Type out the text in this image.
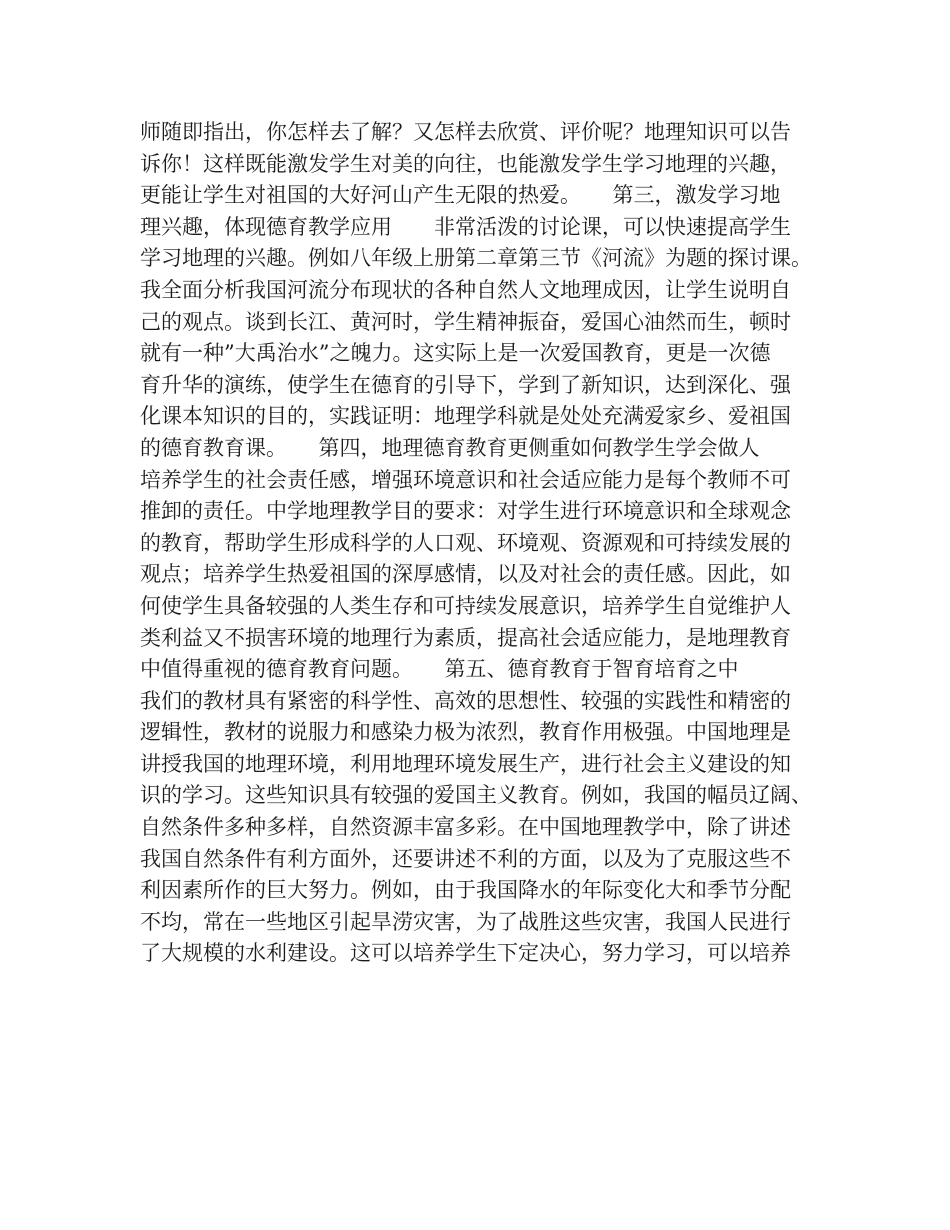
师随即指出，你怎样去了解？又怎样去欣赏、评价呢？地理知识可以告
诉你！这样既能激发学生对美的向往，也能激发学生学习地理的兴趣，
更能让学生对祖国的大好河山产生无限的热爱。　　第三，激发学习地
理兴趣，体现德育教学应用　　非常活泼的讨论课，可以快速提高学生
学习地理的兴趣。例如八年级上册第二章第三节《河流》为题的探讨课。
我全面分析我国河流分布现状的各种自然人文地理成因，让学生说明自
己的观点。谈到长江、黄河时，学生精神振奋，爱国心油然而生，顿时
就有一种”大禹治水”之魄力。这实际上是一次爱国教育，更是一次德
育升华的演练，使学生在德育的引导下，学到了新知识，达到深化、强
化课本知识的目的，实践证明：地理学科就是处处充满爱家乡、爱祖国
的德育教育课。　　第四，地理德育教育更侧重如何教学生学会做人
培养学生的社会责任感，增强环境意识和社会适应能力是每个教师不可
推卸的责任。中学地理教学目的要求：对学生进行环境意识和全球观念
的教育，帮助学生形成科学的人口观、环境观、资源观和可持续发展的
观点；培养学生热爱祖国的深厚感情，以及对社会的责任感。因此，如
何使学生具备较强的人类生存和可持续发展意识，培养学生自觉维护人
类利益又不损害环境的地理行为素质，提高社会适应能力，是地理教育
中值得重视的德育教育问题。　　第五、德育教育于智育培育之中
我们的教材具有紧密的科学性、高效的思想性、较强的实践性和精密的
逻辑性，教材的说服力和感染力极为浓烈，教育作用极强。中国地理是
讲授我国的地理环境，利用地理环境发展生产，进行社会主义建设的知
识的学习。这些知识具有较强的爱国主义教育。例如，我国的幅员辽阔、
自然条件多种多样，自然资源丰富多彩。在中国地理教学中，除了讲述
我国自然条件有利方面外，还要讲述不利的方面，以及为了克服这些不
利因素所作的巨大努力。例如，由于我国降水的年际变化大和季节分配
不均，常在一些地区引起旱涝灾害，为了战胜这些灾害，我国人民进行
了大规模的水利建设。这可以培养学生下定决心，努力学习，可以培养
